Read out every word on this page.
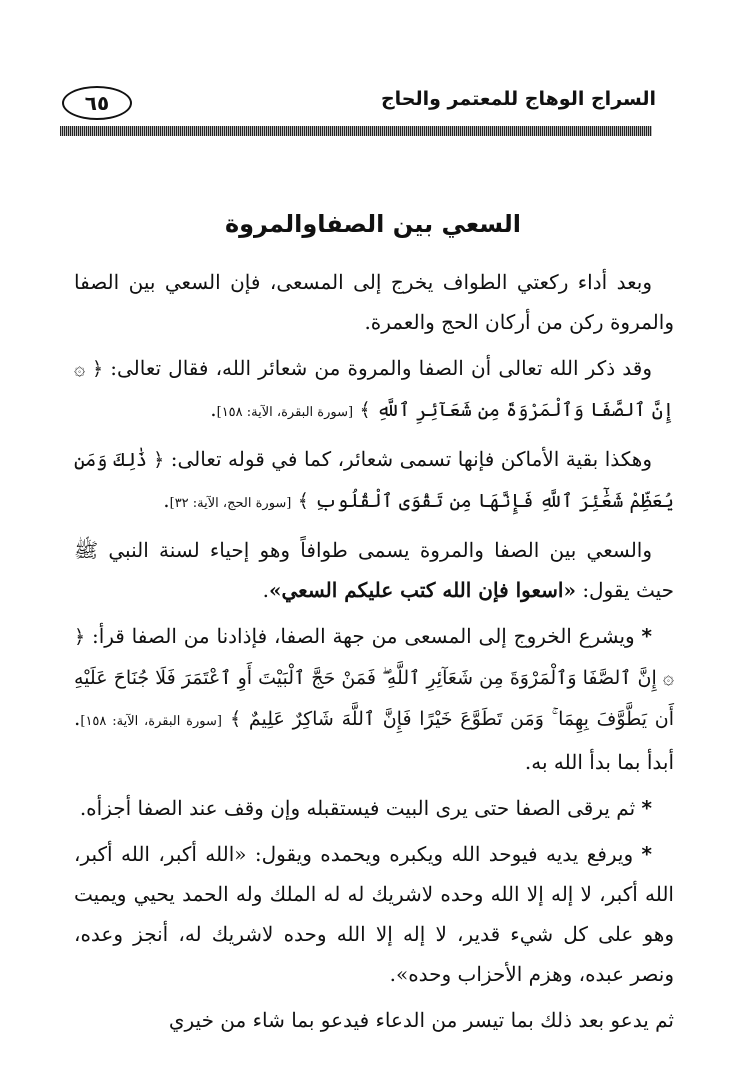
٦٥	السراج الوهاج للمعتمر والحاج
السعي بين الصفاوالمروة

وبعد أداء ركعتي الطواف يخرج إلى المسعى، فإن السعي بين الصفا والمروة ركن من أركان الحج والعمرة.

وقد ذكر الله تعالى أن الصفا والمروة من شعائر الله، فقال تعالى: ﴿ ۞ إِنَّ ٱلصَّفَا وَٱلْمَرْوَةَ مِن شَعَآئِرِ ٱللَّهِ ﴾ [سورة البقرة، الآية: ١٥٨].

وهكذا بقية الأماكن فإنها تسمى شعائر، كما في قوله تعالى: ﴿ ذَٰلِكَ وَمَن يُعَظِّمْ شَعَٰٓئِرَ ٱللَّهِ فَإِنَّهَا مِن تَقْوَى ٱلْقُلُوبِ ﴾ [سورة الحج، الآية: ٣٢].

والسعي بين الصفا والمروة يسمى طوافاً وهو إحياء لسنة النبي ﷺ حيث يقول: «اسعوا فإن الله كتب عليكم السعي».

* ويشرع الخروج إلى المسعى من جهة الصفا، فإذادنا من الصفا قرأ: ﴿ ۞ إِنَّ ٱلصَّفَا وَٱلْمَرْوَةَ مِن شَعَآئِرِ ٱللَّهِ ۖ فَمَنْ حَجَّ ٱلْبَيْتَ أَوِ ٱعْتَمَرَ فَلَا جُنَاحَ عَلَيْهِ أَن يَطَّوَّفَ بِهِمَا ۚ وَمَن تَطَوَّعَ خَيْرًا فَإِنَّ ٱللَّهَ شَاكِرٌ عَلِيمٌ ﴾ [سورة البقرة، الآية: ١٥٨]. أبدأ بما بدأ الله به.

* ثم يرقى الصفا حتى يرى البيت فيستقبله وإن وقف عند الصفا أجزأه.

* ويرفع يديه فيوحد الله ويكبره ويحمده ويقول: «الله أكبر، الله أكبر، الله أكبر، لا إله إلا الله وحده لاشريك له له الملك وله الحمد يحيي ويميت وهو على كل شيء قدير، لا إله إلا الله وحده لاشريك له، أنجز وعده، ونصر عبده، وهزم الأحزاب وحده».

ثم يدعو بعد ذلك بما تيسر من الدعاء فيدعو بما شاء من خيري
